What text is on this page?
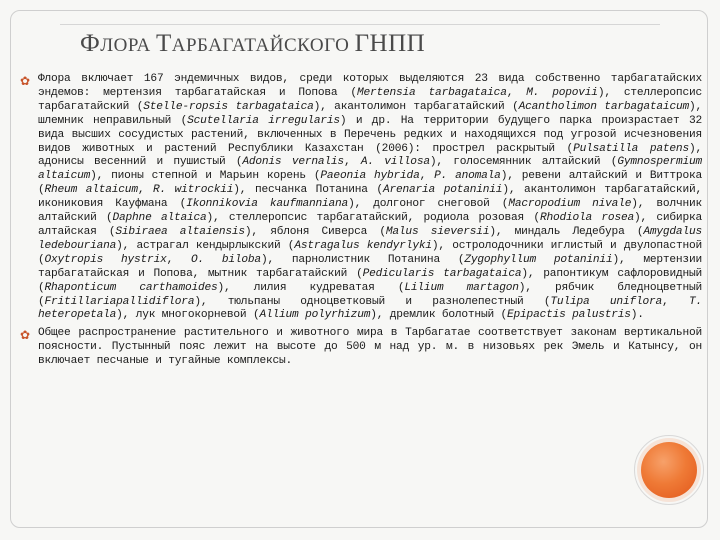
ФЛОРА ТАРБАГАТАЙСКОГО ГНПП
✿ Флора включает 167 эндемичных видов, среди которых выделяются 23 вида собственно тарбагатайских эндемов: мертензия тарбагатайская и Попова (Mertensia tarbagataica, M. popovii), стеллеропсис тарбагатайский (Stelle-ropsis tarbagataica), акантолимон тарбагатайский (Acantholimon tarbagataicum), шлемник неправильный (Scutellaria irregularis) и др. На территории будущего парка произрастает 32 вида высших сосудистых растений, включенных в Перечень редких и находящихся под угрозой исчезновения видов животных и растений Республики Казахстан (2006): прострел раскрытый (Pulsatilla patens), адонисы весенний и пушистый (Adonis vernalis, A. villosa), голосемянник алтайский (Gymnospermium altaicum), пионы степной и Марьин корень (Paeonia hybrida, P. anomala), ревени алтайский и Виттрока (Rheum altaicum, R. witrockii), песчанка Потанина (Arenaria potaninii), акантолимон тарбагатайский, икониковия Кауфмана (Ikonnikovia kaufmanniana), долгоног снеговой (Macropodium nivale), волчник алтайский (Daphne altaica), стеллеропсис тарбагатайский, родиола розовая (Rhodiola rosea), сибирка алтайская (Sibiraea altaiensis), яблоня Сиверса (Malus sieversii), миндаль Ледебура (Amygdalus ledebouriana), астрагал кендырлыкский (Astragalus kendyrlyki), остролодочники иглистый и двулопастной (Oxytropis hystrix, O. biloba), парнолистник Потанина (Zygophyllum potaninii), мертензии тарбагатайская и Попова, мытник тарбагатайский (Pedicularis tarbagataica), рапонтикум сафлоровидный (Rhaponticum carthamoides), лилия кудреватая (Lilium martagon), рябчик бледноцветный (Fritillariapallidiflora), тюльпаны одноцветковый и разнолепестный (Tulipa uniflora, T. heteropetala), лук многокорневой (Allium polyrhizum), дремлик болотный (Epipactis palustris).
✿ Общее распространение растительного и животного мира в Тарбагатае соответствует законам вертикальной поясности. Пустынный пояс лежит на высоте до 500 м над ур. м. в низовьях рек Эмель и Катынсу, он включает песчаные и тугайные комплексы.
